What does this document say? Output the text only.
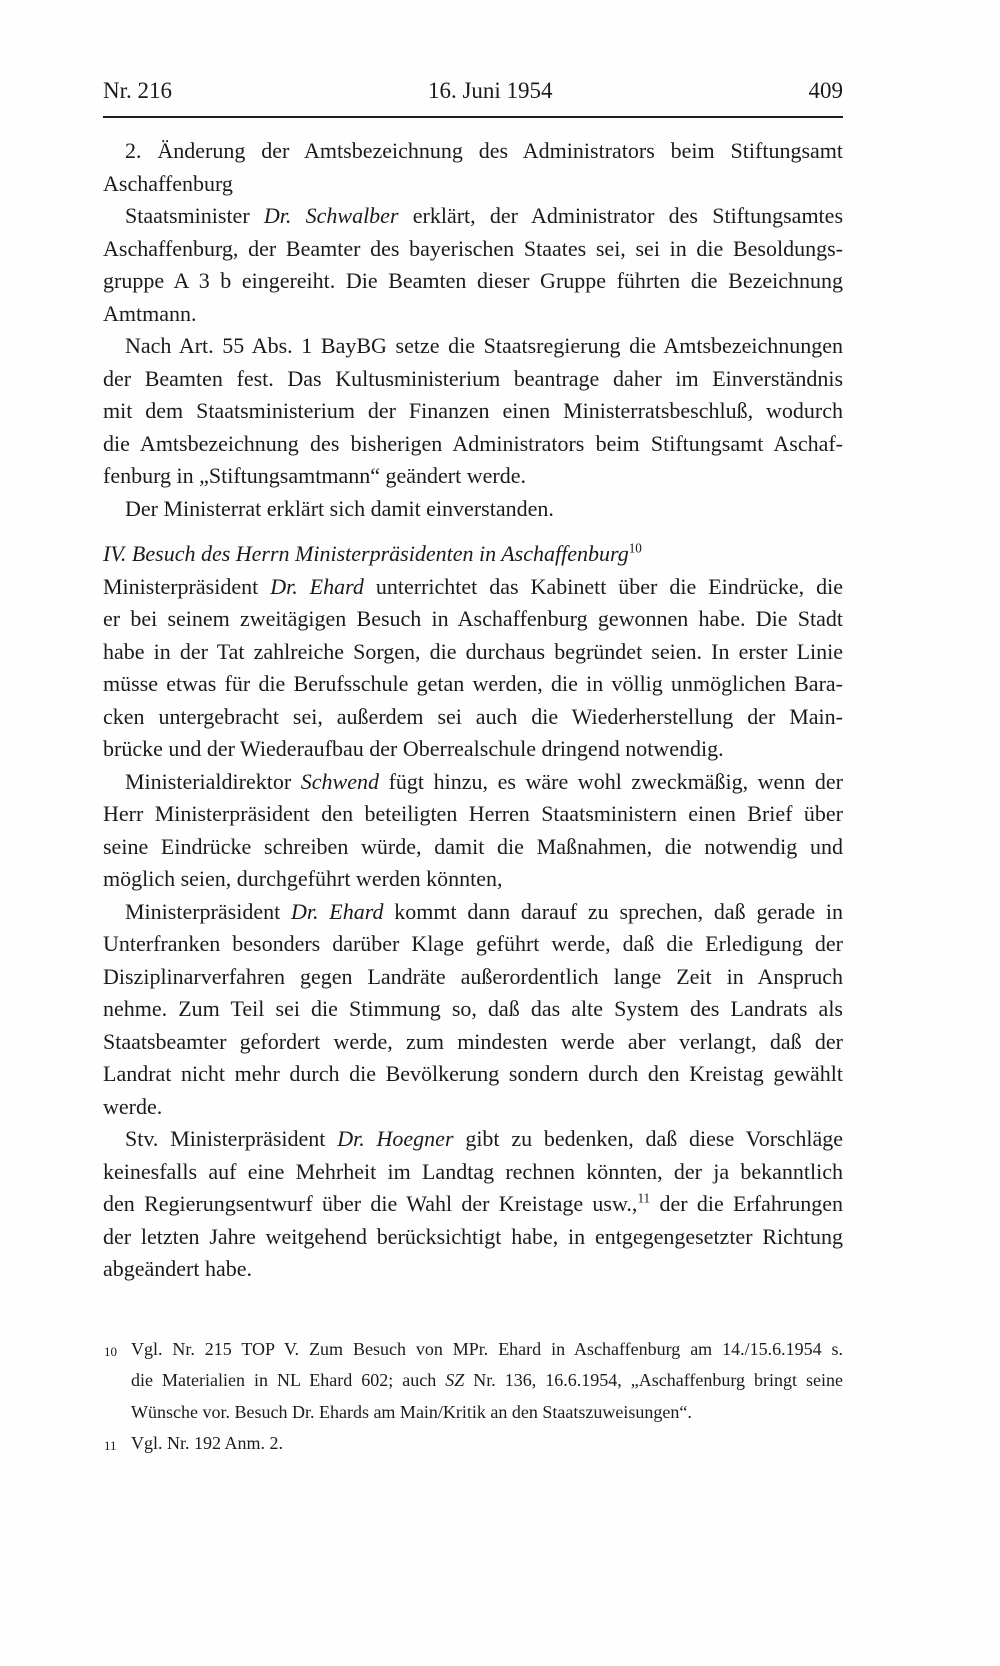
Nr. 216	16. Juni 1954	409
2. Änderung der Amtsbezeichnung des Administrators beim Stiftungsamt
Aschaffenburg
Staatsminister Dr. Schwalber erklärt, der Administrator des Stiftungsamtes
Aschaffenburg, der Beamter des bayerischen Staates sei, sei in die Besoldungs-
gruppe A 3 b eingereiht. Die Beamten dieser Gruppe führten die Bezeichnung
Amtmann.
Nach Art. 55 Abs. 1 BayBG setze die Staatsregierung die Amtsbezeichnungen
der Beamten fest. Das Kultusministerium beantrage daher im Einverständnis
mit dem Staatsministerium der Finanzen einen Ministerratsbeschluß, wodurch
die Amtsbezeichnung des bisherigen Administrators beim Stiftungsamt Aschaf-
fenburg in „Stiftungsamtmann“ geändert werde.
Der Ministerrat erklärt sich damit einverstanden.
IV. Besuch des Herrn Ministerpräsidenten in Aschaffenburg$^{10}$
Ministerpräsident Dr. Ehard unterrichtet das Kabinett über die Eindrücke, die
er bei seinem zweitägigen Besuch in Aschaffenburg gewonnen habe. Die Stadt
habe in der Tat zahlreiche Sorgen, die durchaus begründet seien. In erster Linie
müsse etwas für die Berufsschule getan werden, die in völlig unmöglichen Bara-
cken untergebracht sei, außerdem sei auch die Wiederherstellung der Main-
brücke und der Wiederaufbau der Oberrealschule dringend notwendig.
Ministerialdirektor Schwend fügt hinzu, es wäre wohl zweckmäßig, wenn der
Herr Ministerpräsident den beteiligten Herren Staatsministern einen Brief über
seine Eindrücke schreiben würde, damit die Maßnahmen, die notwendig und
möglich seien, durchgeführt werden könnten,
Ministerpräsident Dr. Ehard kommt dann darauf zu sprechen, daß gerade in
Unterfranken besonders darüber Klage geführt werde, daß die Erledigung der
Disziplinarverfahren gegen Landräte außerordentlich lange Zeit in Anspruch
nehme. Zum Teil sei die Stimmung so, daß das alte System des Landrats als
Staatsbeamter gefordert werde, zum mindesten werde aber verlangt, daß der
Landrat nicht mehr durch die Bevölkerung sondern durch den Kreistag gewählt
werde.
Stv. Ministerpräsident Dr. Hoegner gibt zu bedenken, daß diese Vorschläge
keinesfalls auf eine Mehrheit im Landtag rechnen könnten, der ja bekanntlich
den Regierungsentwurf über die Wahl der Kreistage usw.,$^{11}$ der die Erfahrungen
der letzten Jahre weitgehend berücksichtigt habe, in entgegengesetzter Richtung
abgeändert habe.
10 Vgl. Nr. 215 TOP V. Zum Besuch von MPr. Ehard in Aschaffenburg am 14./15.6.1954 s.
die Materialien in NL Ehard 602; auch SZ Nr. 136, 16.6.1954, „Aschaffenburg bringt seine
Wünsche vor. Besuch Dr. Ehards am Main/Kritik an den Staatszuweisungen“.
11 Vgl. Nr. 192 Anm. 2.
